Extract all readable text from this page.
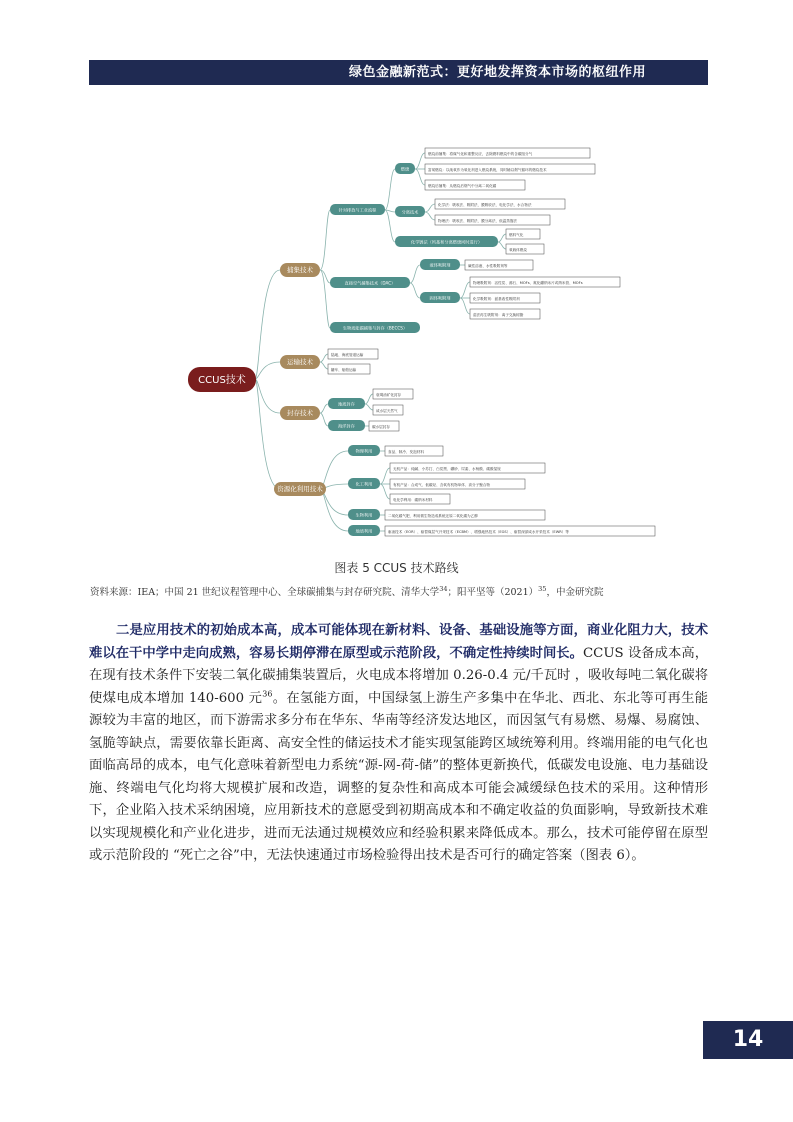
绿色金融新范式：更好地发挥资本市场的枢纽作用
CCUS技术
捕集技术
运输技术
封存技术
资源化利用技术
针对排放与工业流程
直接空气捕集技术（DAC）
生物质能碳捕集与封存（BECCS）
燃烧
分离技术
化学链法（钙基和分离燃烧同时进行）
液体吸附剂
固体吸附剂
地质封存
海洋封存
物理利用
化工利用
生物利用
地质利用
燃烧前捕集：将煤气化和重整反应，去除燃料燃烧中的含碳组分气
富氧燃烧：以纯氧作为氧化剂进入燃烧系统，同时辅以烟气循环的燃烧技术
燃烧后捕集：从燃烧后烟气中分离二氧化碳
化学法：吸收法、吸附法、膜吸收法、电化学法、水合物法
物理法：吸收法、吸附法、膜分离法、低温蒸馏法
燃料气化
氧载体燃烧
碱性溶液、水性吸附剂等
物理吸附剂：活性炭、沸石、MOFs、氮化硼纳米片或纳米管、MOFs
化学吸附剂：氨基改性吸附剂
湿法再生吸附剂：离子交换树脂
陆地、海底管道运输
罐车、船舶运输
衰竭油矿化封存
咸水层天然气
碳水层封存
食品、制冷、发泡材料
无机产品：纯碱、小苏打、白炭黑、硼砂、尿素、水杨酸、碳酸氢铵
有机产品：合成气、低碳烃、含氧有机物单体、高分子聚合物
电化学利用：碳纳米材料
二氧化碳气肥、利用微生物造成系统还原二氧化碳为乙醇
驱油技术（EOR）、驱替煤层气开采技术（ECBM）、增强地热技术（EGS）、驱替深部咸水开采技术（EWR）等
图表 5 CCUS 技术路线
资料来源：IEA；中国 21 世纪议程管理中心、全球碳捕集与封存研究院、清华大学$^{34}$；阳平坚等$(2021)^{35}$，中金研究院
二是应用技术的初始成本高，成本可能体现在新材料、设备、基础设施等方面，商业化阻力大，技术难以在干中学中走向成熟，容易长期停滞在原型或示范阶段，不确定性持续时间长。CCUS 设备成本高，在现有技术条件下安装二氧化碳捕集装置后，火电成本将增加 0.26-0.4 元/千瓦时 ，吸收每吨二氧化碳将使煤电成本增加 140-600 元$^{36}$。在氢能方面，中国绿氢上游生产多集中在华北、西北、东北等可再生能源较为丰富的地区，而下游需求多分布在华东、华南等经济发达地区，而因氢气有易燃、易爆、易腐蚀、氢脆等缺点，需要依靠长距离、高安全性的储运技术才能实现氢能跨区域统筹利用。终端用能的电气化也面临高昂的成本，电气化意味着新型电力系统“源-网-荷-储”的整体更新换代，低碳发电设施、电力基础设施、终端电气化均将大规模扩展和改造，调整的复杂性和高成本可能会减缓绿色技术的采用。这种情形下，企业陷入技术采纳困境，应用新技术的意愿受到初期高成本和不确定收益的负面影响，导致新技术难以实现规模化和产业化进步，进而无法通过规模效应和经验积累来降低成本。那么，技术可能停留在原型或示范阶段的 “死亡之谷”中，无法快速通过市场检验得出技术是否可行的确定答案（图表 6）。
14
